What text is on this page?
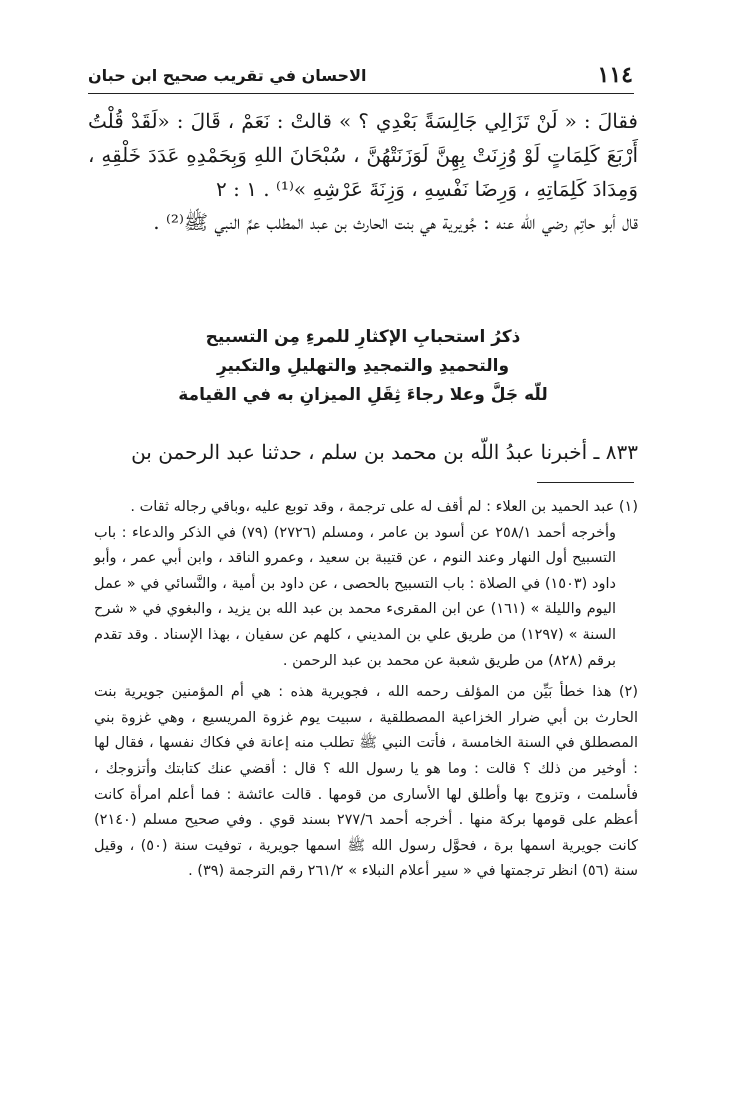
١١٤
الاحسان في تقريب صحيح ابن حبان

فقالَ : « لَنْ تَزَالِي جَالِسَةً بَعْدِي ؟ » قالتْ : نَعَمْ ، قَالَ : «لَقَدْ قُلْتُ أَرْبَعَ كَلِمَاتٍ لَوْ وُزِنَتْ بِهِنَّ لَوَزَنَتْهُنَّ ، سُبْحَانَ اللهِ وَبِحَمْدِهِ عَدَدَ خَلْقِهِ ، وَمِدَادَ كَلِمَاتِهِ ، وَرِضَا نَفْسِهِ ، وَزِنَةَ عَرْشِهِ »⁽¹⁾ . ١ : ٢

قال أبو حاتِم رضي اللّه عنه : جُويرية هي بنت الحارث بن عبد المطلب عمِّ النبي ﷺ⁽²⁾ .

ذكرُ استحبابِ الإكثارِ للمرءِ مِن التسبيح
والتحميدِ والتمجيدِ والتهليلِ والتكبيرِ
للّه جَلَّ وعلا رجاءَ ثِقَلِ الميزانِ به في القيامة
٨٣٣ ـ أخبرنا عبدُ اللّه بن محمد بن سلم ، حدثنا عبد الرحمن بن

(١) عبد الحميد بن العلاء : لم أقف له على ترجمة ، وقد توبع عليه ،وباقي رجاله ثقات .

وأخرجه أحمد ٢٥٨/١ عن أسود بن عامر ، ومسلم (٢٧٢٦) (٧٩) في الذكر والدعاء : باب التسبيح أول النهار وعند النوم ، عن قتيبة بن سعيد ، وعمرو الناقد ، وابن أبي عمر ، وأبو داود (١٥٠٣) في الصلاة : باب التسبيح بالحصى ، عن داود بن أمية ، والنَّسائي في « عمل اليوم والليلة » (١٦١) عن ابن المقرىء محمد بن عبد الله بن يزيد ، والبغوي في « شرح السنة » (١٢٩٧) من طريق علي بن المديني ، كلهم عن سفيان ، بهذا الإسناد . وقد تقدم برقم (٨٢٨) من طريق شعبة عن محمد بن عبد الرحمن .

(٢) هذا خطأ بَيِّن من المؤلف رحمه الله ، فجويرية هذه : هي أم المؤمنين جويرية بنت الحارث بن أبي ضرار الخزاعية المصطلقية ، سبيت يوم غزوة المريسيع ، وهي غزوة بني المصطلق في السنة الخامسة ، فأتت النبي ﷺ تطلب منه إعانة في فكاك نفسها ، فقال لها : أوخير من ذلك ؟ قالت : وما هو يا رسول الله ؟ قال : أقضي عنك كتابتك وأتزوجك ، فأسلمت ، وتزوج بها وأطلق لها الأسارى من قومها . قالت عائشة : فما أعلم امرأة كانت أعظم على قومها بركة منها . أخرجه أحمد ٢٧٧/٦ بسند قوي . وفي صحيح مسلم (٢١٤٠) كانت جويرية اسمها برة ، فحوَّل رسول الله ﷺ اسمها جويرية ، توفيت سنة (٥٠) ، وقيل سنة (٥٦) انظر ترجمتها في « سير أعلام النبلاء » ٢٦١/٢ رقم الترجمة (٣٩) .
